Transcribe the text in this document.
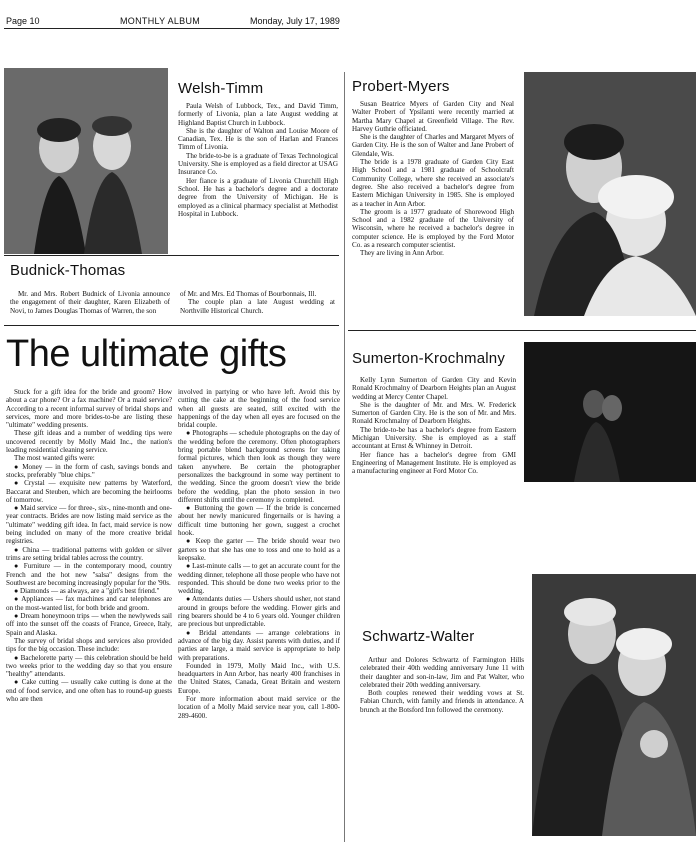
Page 10	MONTHLY ALBUM	Monday, July 17, 1989
Welsh-Timm

Paula Welsh of Lubbock, Tex., and David Timm, formerly of Livonia, plan a late August wedding at Highland Baptist Church in Lubbock.

She is the daughter of Walton and Louise Moore of Canadian, Tex. He is the son of Harlan and Frances Timm of Livonia.

The bride-to-be is a graduate of Texas Technological University. She is employed as a field director at USAG Insurance Co.

Her fiance is a graduate of Livonia Churchill High School. He has a bachelor's degree and a doctorate degree from the University of Michigan. He is employed as a clinical pharmacy specialist at Methodist Hospital in Lubbock.

Budnick-Thomas

Mr. and Mrs. Robert Budnick of Livonia announce the engagement of their daughter, Karen Elizabeth of Novi, to James Douglas Thomas of Warren, the son

of Mr. and Mrs. Ed Thomas of Bourbonnais, Ill.

The couple plan a late August wedding at Northville Historical Church.

Probert-Myers

Susan Beatrice Myers of Garden City and Neal Walter Probert of Ypsilanti were recently married at Martha Mary Chapel at Greenfield Village. The Rev. Harvey Guthrie officiated.

She is the daughter of Charles and Margaret Myers of Garden City. He is the son of Walter and Jane Probert of Glendale, Wis.

The bride is a 1978 graduate of Garden City East High School and a 1981 graduate of Schoolcraft Community College, where she received an associate's degree. She also received a bachelor's degree from Eastern Michigan University in 1985. She is employed as a teacher in Ann Arbor.

The groom is a 1977 graduate of Shorewood High School and a 1982 graduate of the University of Wisconsin, where he received a bachelor's degree in computer science. He is employed by the Ford Motor Co. as a research computer scientist.

They are living in Ann Arbor.

The ultimate gifts

Stuck for a gift idea for the bride and groom? How about a car phone? Or a fax machine? Or a maid service? According to a recent informal survey of bridal shops and services, more and more brides-to-be are listing these "ultimate" wedding presents.

These gift ideas and a number of wedding tips were uncovered recently by Molly Maid Inc., the nation's leading residential cleaning service.

The most wanted gifts were:

● Money — in the form of cash, savings bonds and stocks, preferably "blue chips."

● Crystal — exquisite new patterns by Waterford, Baccarat and Steuben, which are becoming the heirlooms of tomorrow.

● Maid service — for three-, six-, nine-month and one-year contracts. Brides are now listing maid service as the "ultimate" wedding gift idea. In fact, maid service is now being included on many of the more creative bridal registries.

● China — traditional patterns with golden or silver trims are setting bridal tables across the country.

● Furniture — in the contemporary mood, country French and the hot new "salsa" designs from the Southwest are becoming increasingly popular for the '90s.

● Diamonds — as always, are a "girl's best friend."

● Appliances — fax machines and car telephones are on the most-wanted list, for both bride and groom.

● Dream honeymoon trips — when the newlyweds sail off into the sunset off the coasts of France, Greece, Italy, Spain and Alaska.

The survey of bridal shops and services also provided tips for the big occasion. These include:

● Bachelorette party — this celebration should be held two weeks prior to the wedding day so that you ensure "healthy" attendants.

● Cake cutting — usually cake cutting is done at the end of food service, and one often has to round-up guests who are then

involved in partying or who have left. Avoid this by cutting the cake at the beginning of the food service when all guests are seated, still excited with the happenings of the day when all eyes are focused on the bridal couple.

● Photographs — schedule photographs on the day of the wedding before the ceremony. Often photographers bring portable blend background screens for taking formal pictures, which then look as though they were taken anywhere. Be certain the photographer personalizes the background in some way pertinent to the wedding. Since the groom doesn't view the bride before the wedding, plan the photo session in two different shifts until the ceremony is completed.

● Buttoning the gown — If the bride is concerned about her newly manicured fingernails or is having a difficult time buttoning her gown, suggest a crochet hook.

● Keep the garter — The bride should wear two garters so that she has one to toss and one to hold as a keepsake.

● Last-minute calls — to get an accurate count for the wedding dinner, telephone all those people who have not responded. This should be done two weeks prior to the wedding.

● Attendants duties — Ushers should usher, not stand around in groups before the wedding. Flower girls and ring bearers should be 4 to 6 years old. Younger children are precious but unpredictable.

● Bridal attendants — arrange celebrations in advance of the big day. Assist parents with duties, and if parties are large, a maid service is appropriate to help with preparations.

Founded in 1979, Molly Maid Inc., with U.S. headquarters in Ann Arbor, has nearly 400 franchises in the United States, Canada, Great Britain and western Europe.

For more information about maid service or the location of a Molly Maid service near you, call 1-800-289-4600.

Sumerton-Krochmalny

Kelly Lynn Sumerton of Garden City and Kevin Ronald Krochmalny of Dearborn Heights plan an August wedding at Mercy Center Chapel.

She is the daughter of Mr. and Mrs. W. Frederick Sumerton of Garden City. He is the son of Mr. and Mrs. Ronald Krochmalny of Dearborn Heights.

The bride-to-be has a bachelor's degree from Eastern Michigan University. She is employed as a staff accountant at Ernst & Whinney in Detroit.

Her fiance has a bachelor's degree from GMI Engineering of Management Institute. He is employed as a manufacturing engineer at Ford Motor Co.

Schwartz-Walter

Arthur and Dolores Schwartz of Farmington Hills celebrated their 40th wedding anniversary June 11 with their daughter and son-in-law, Jim and Pat Walter, who celebrated their 20th wedding anniversary.

Both couples renewed their wedding vows at St. Fabian Church, with family and friends in attendance. A brunch at the Botsford Inn followed the ceremony.
